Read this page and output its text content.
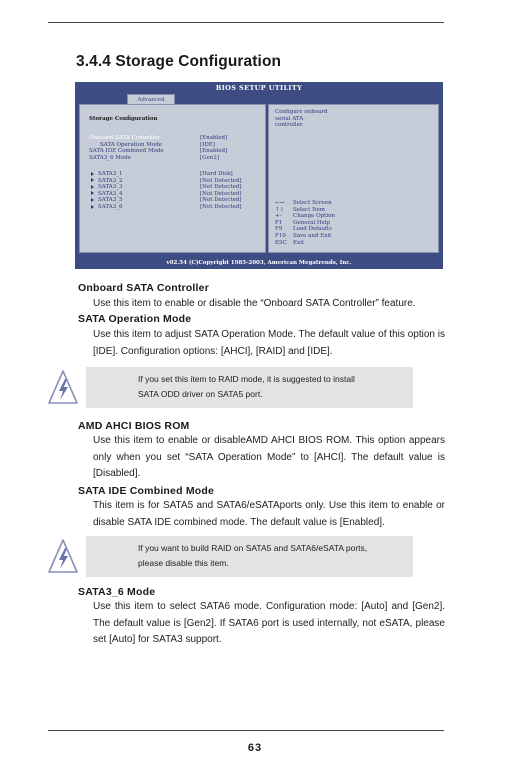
3.4.4 Storage Configuration
BIOS SETUP UTILITY
Advanced
Storage Configuration
Onboard SATA Controller	[Enabled]
SATA Operation Mode	[IDE]
SATA IDE Combined Mode	[Enabled]
SATA3_6 Mode	[Gen2]
SATA3_1	[Hard Disk]
SATA3_2	[Not Detected]
SATA3_3	[Not Detected]
SATA3_4	[Not Detected]
SATA3_5	[Not Detected]
SATA3_6	[Not Detected]
Configure onboard
serial ATA
controller.
←→ Select Screen
↑↓ Select Item
+- Change Option
F1 General Help
F9 Load Defaults
F10 Save and Exit
ESC Exit
v02.54 (C)Copyright 1985-2003, American Megatrends, Inc.
Onboard SATA Controller
Use this item to enable or disable the “Onboard SATA Controller” feature.
SATA Operation Mode
Use this item to adjust SATA Operation Mode. The default value of this option is [IDE]. Configuration options: [AHCI], [RAID] and [IDE].
If you set this item to RAID mode, it is suggested to install
SATA ODD driver on SATA5 port.
AMD AHCI BIOS ROM
Use this item to enable or disableAMD AHCI BIOS ROM. This option appears only when you set “SATA Operation Mode” to [AHCI]. The default value is [Disabled].
SATA IDE Combined Mode
This item is for SATA5 and SATA6/eSATAports only. Use this item to enable or disable SATA IDE combined mode. The default value is [Enabled].
If you want to build RAID on SATA5 and SATA6/eSATA ports,
please disable this item.
SATA3_6 Mode
Use this item to select SATA6 mode. Configuration mode: [Auto] and [Gen2]. The default value is [Gen2]. If SATA6 port is used internally, not eSATA, please set [Auto] for SATA3 support.
63
